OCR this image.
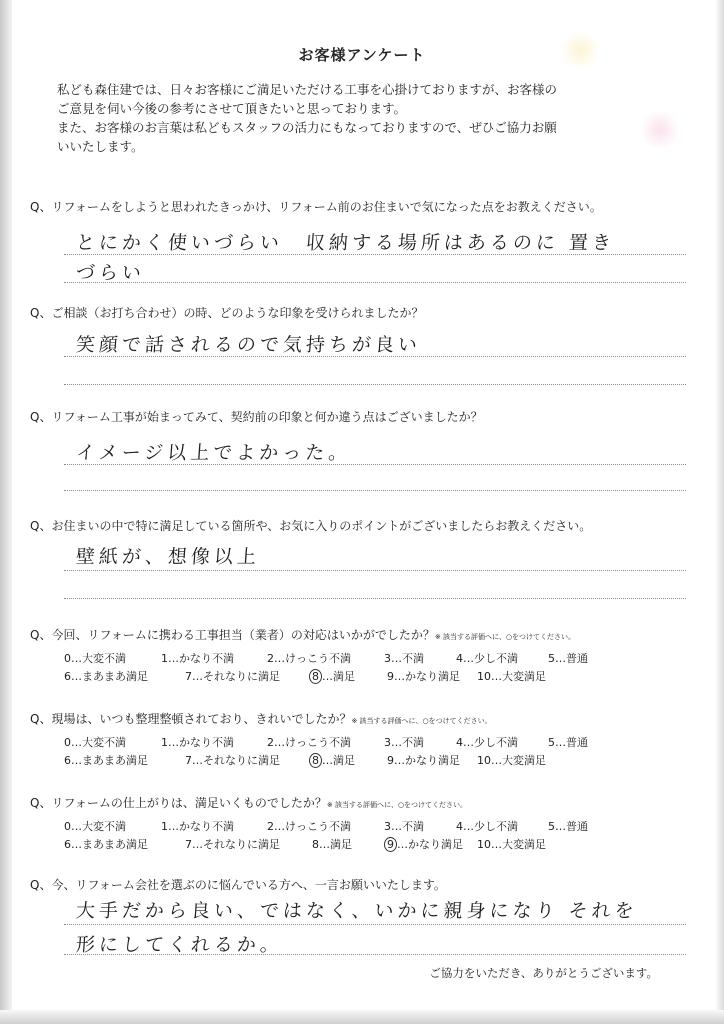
お客様アンケート

私ども森住建では、日々お客様にご満足いただける工事を心掛けておりますが、お客様の

ご意見を伺い今後の参考にさせて頂きたいと思っております。

また、お客様のお言葉は私どもスタッフの活力にもなっておりますので、ぜひご協力お願

いいたします。

Q、リフォームをしようと思われたきっかけ、リフォーム前のお住まいで気になった点をお教えください。

とにかく使いづらい　収納する場所はあるのに 置き

づらい

Q、ご相談（お打ち合わせ）の時、どのような印象を受けられましたか？

笑顔で話されるので気持ちが良い

Q、リフォーム工事が始まってみて、契約前の印象と何か違う点はございましたか？

イメージ以上でよかった。

Q、お住まいの中で特に満足している箇所や、お気に入りのポイントがございましたらお教えください。

壁紙が、想像以上

Q、今回、リフォームに携わる工事担当（業者）の対応はいかがでしたか？※ 該当する評価へに、○をつけてください。

0…大変不満	1…かなり不満	2…けっこう不満	3…不満	4…少し不満	5…普通
6…まあまあ満足	7…それなりに満足	8 …満足	9…かなり満足 10…大変満足

Q、現場は、いつも整理整頓されており、きれいでしたか？※ 該当する評価へに、○をつけてください。

0…大変不満	1…かなり不満	2…けっこう不満	3…不満	4…少し不満	5…普通
6…まあまあ満足	7…それなりに満足	8 …満足	9…かなり満足 10…大変満足

Q、リフォームの仕上がりは、満足いくものでしたか？※ 該当する評価へに、○をつけてください。

0…大変不満	1…かなり不満	2…けっこう不満	3…不満	4…少し不満	5…普通
6…まあまあ満足	7…それなりに満足	8…満足	9 …かなり満足 10…大変満足

Q、今、リフォーム会社を選ぶのに悩んでいる方へ、一言お願いいたします。

大手だから良い、ではなく、いかに親身になり それを

形にしてくれるか。

ご協力をいただき、ありがとうございます。
